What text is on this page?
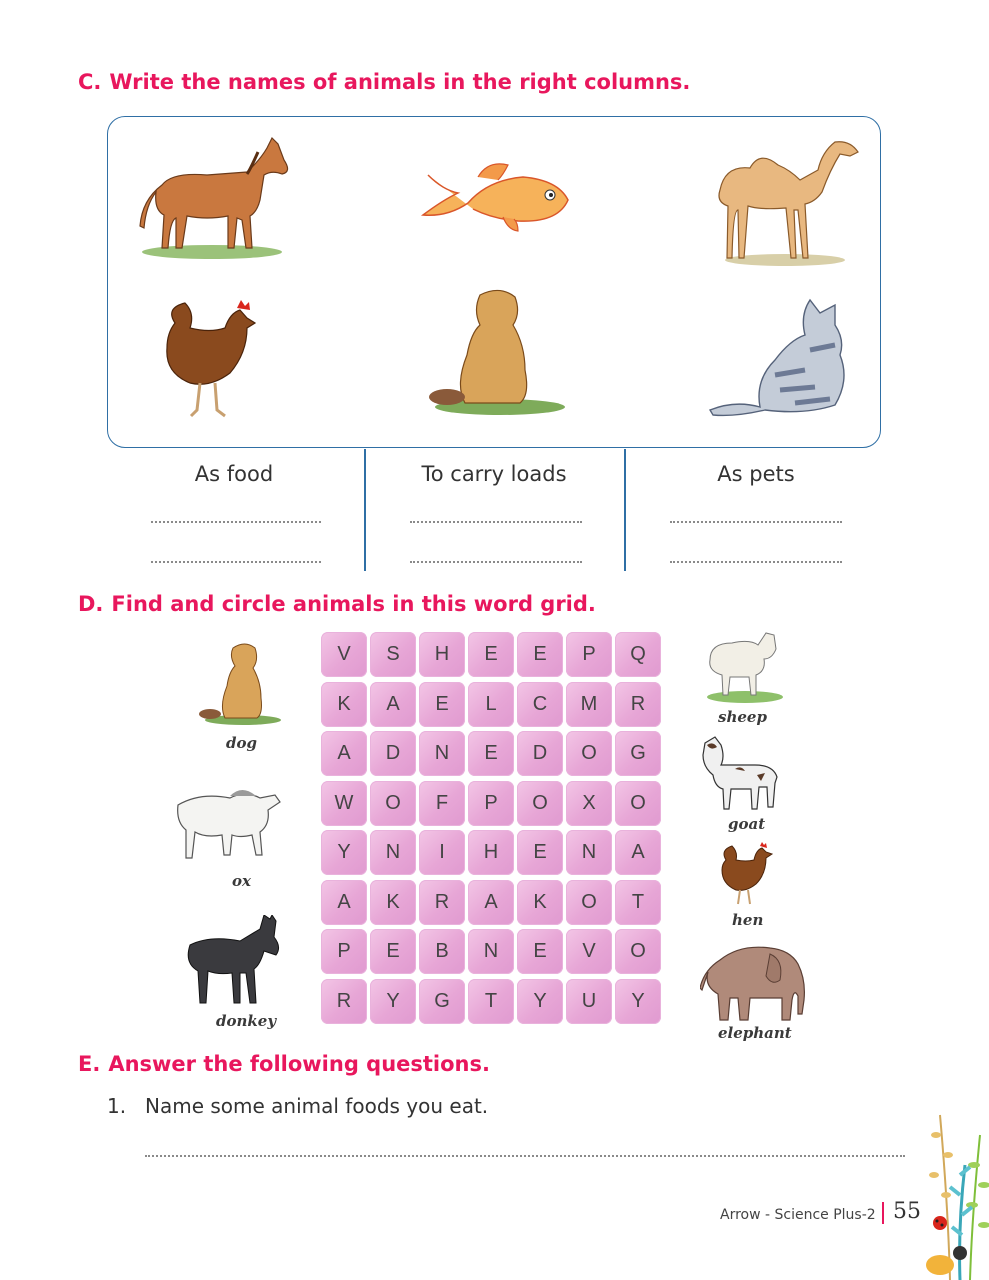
C. Write the names of animals in the right columns.
As food	To carry loads	As pets
D. Find and circle animals in this word grid.
V	S	H	E	E	P	Q
K	A	E	L	C	M	R
A	D	N	E	D	O	G
W	O	F	P	O	X	O
Y	N	I	H	E	N	A
A	K	R	A	K	O	T
P	E	B	N	E	V	O
R	Y	G	T	Y	U	Y
dog
ox
donkey
sheep
goat
hen
elephant
E. Answer the following questions.
1. Name some animal foods you eat.
Arrow - Science Plus-2 55
